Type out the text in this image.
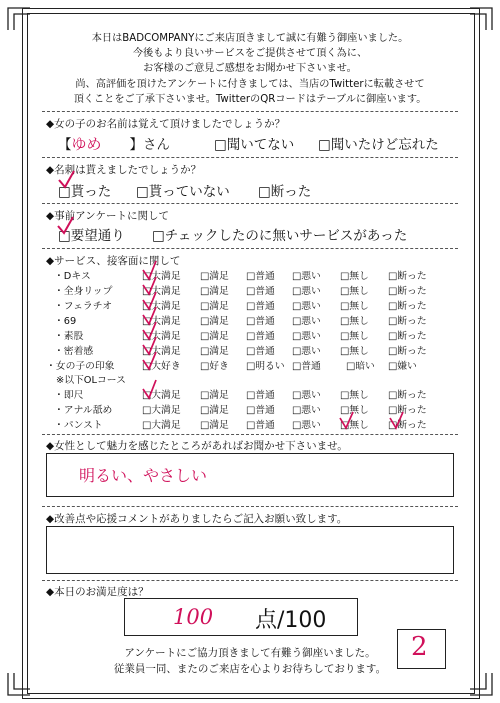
本日はBADCOMPANYにご来店頂きまして誠に有難う御座いました。
今後もより良いサービスをご提供させて頂く為に、
お客様のご意見ご感想をお聞かせ下さいませ。
尚、高評価を頂けたアンケートに付きましては、当店のTwitterに転載させて
頂くことをご了承下さいませ。TwitterのQRコードはテーブルに御座います。
◆女の子のお名前は覚えて頂けましたでしょうか？
【ゆめ 】さん	□聞いてない □聞いたけど忘れた
◆名刺は貰えましたでしょうか？
□貰った □貰っていない □断った
◆事前アンケートに関して
□要望通り □チェックしたのに無いサービスがあった
◆サービス、接客面に関して
・Dキス	□大満足 □満足 □普通 □悪い □無し □断った
・全身リップ	□大満足 □満足 □普通 □悪い □無し □断った
・フェラチオ	□大満足 □満足 □普通 □悪い □無し □断った
・69	□大満足 □満足 □普通 □悪い □無し □断った
・素股	□大満足 □満足 □普通 □悪い □無し □断った
・密着感	□大満足 □満足 □普通 □悪い □無し □断った
・女の子の印象	□大好き □好き □明るい □普通	□暗い □嫌い
※以下OLコース
・即尺	□大満足 □満足 □普通 □悪い □無し □断った
・アナル舐め	□大満足 □満足 □普通 □悪い □無し □断った
・パンスト	□大満足 □満足 □普通 □悪い □無し □断った
◆女性として魅力を感じたところがあればお聞かせ下さいませ。
明るい、やさしい
◆改善点や応援コメントがありましたらご記入お願い致します。
◆本日のお満足度は？
100 点/100
アンケートにご協力頂きまして有難う御座いました。
従業員一同、またのご来店を心よりお待ちしております。
2
